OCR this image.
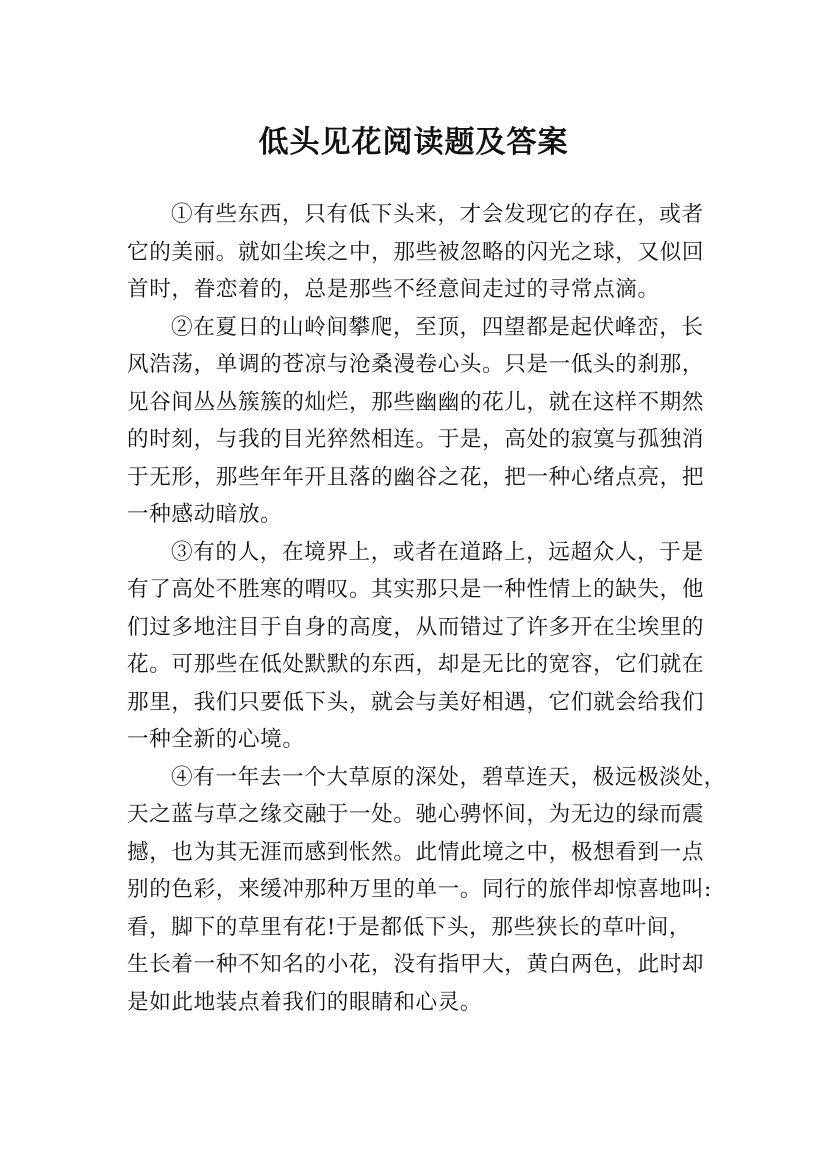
低头见花阅读题及答案

①有些东西，只有低下头来，才会发现它的存在，或者
它的美丽。就如尘埃之中，那些被忽略的闪光之球，又似回
首时，眷恋着的，总是那些不经意间走过的寻常点滴。

②在夏日的山岭间攀爬，至顶，四望都是起伏峰峦，长
风浩荡，单调的苍凉与沧桑漫卷心头。只是一低头的刹那，
见谷间丛丛簇簇的灿烂，那些幽幽的花儿，就在这样不期然
的时刻，与我的目光猝然相连。于是，高处的寂寞与孤独消
于无形，那些年年开且落的幽谷之花，把一种心绪点亮，把
一种感动暗放。

③有的人，在境界上，或者在道路上，远超众人，于是
有了高处不胜寒的喟叹。其实那只是一种性情上的缺失，他
们过多地注目于自身的高度，从而错过了许多开在尘埃里的
花。可那些在低处默默的东西，却是无比的宽容，它们就在
那里，我们只要低下头，就会与美好相遇，它们就会给我们
一种全新的心境。

④有一年去一个大草原的深处，碧草连天，极远极淡处，
天之蓝与草之缘交融于一处。驰心骋怀间，为无边的绿而震
撼，也为其无涯而感到怅然。此情此境之中，极想看到一点
别的色彩，来缓冲那种万里的单一。同行的旅伴却惊喜地叫:
看，脚下的草里有花!于是都低下头，那些狭长的草叶间，
生长着一种不知名的小花，没有指甲大，黄白两色，此时却
是如此地装点着我们的眼睛和心灵。
